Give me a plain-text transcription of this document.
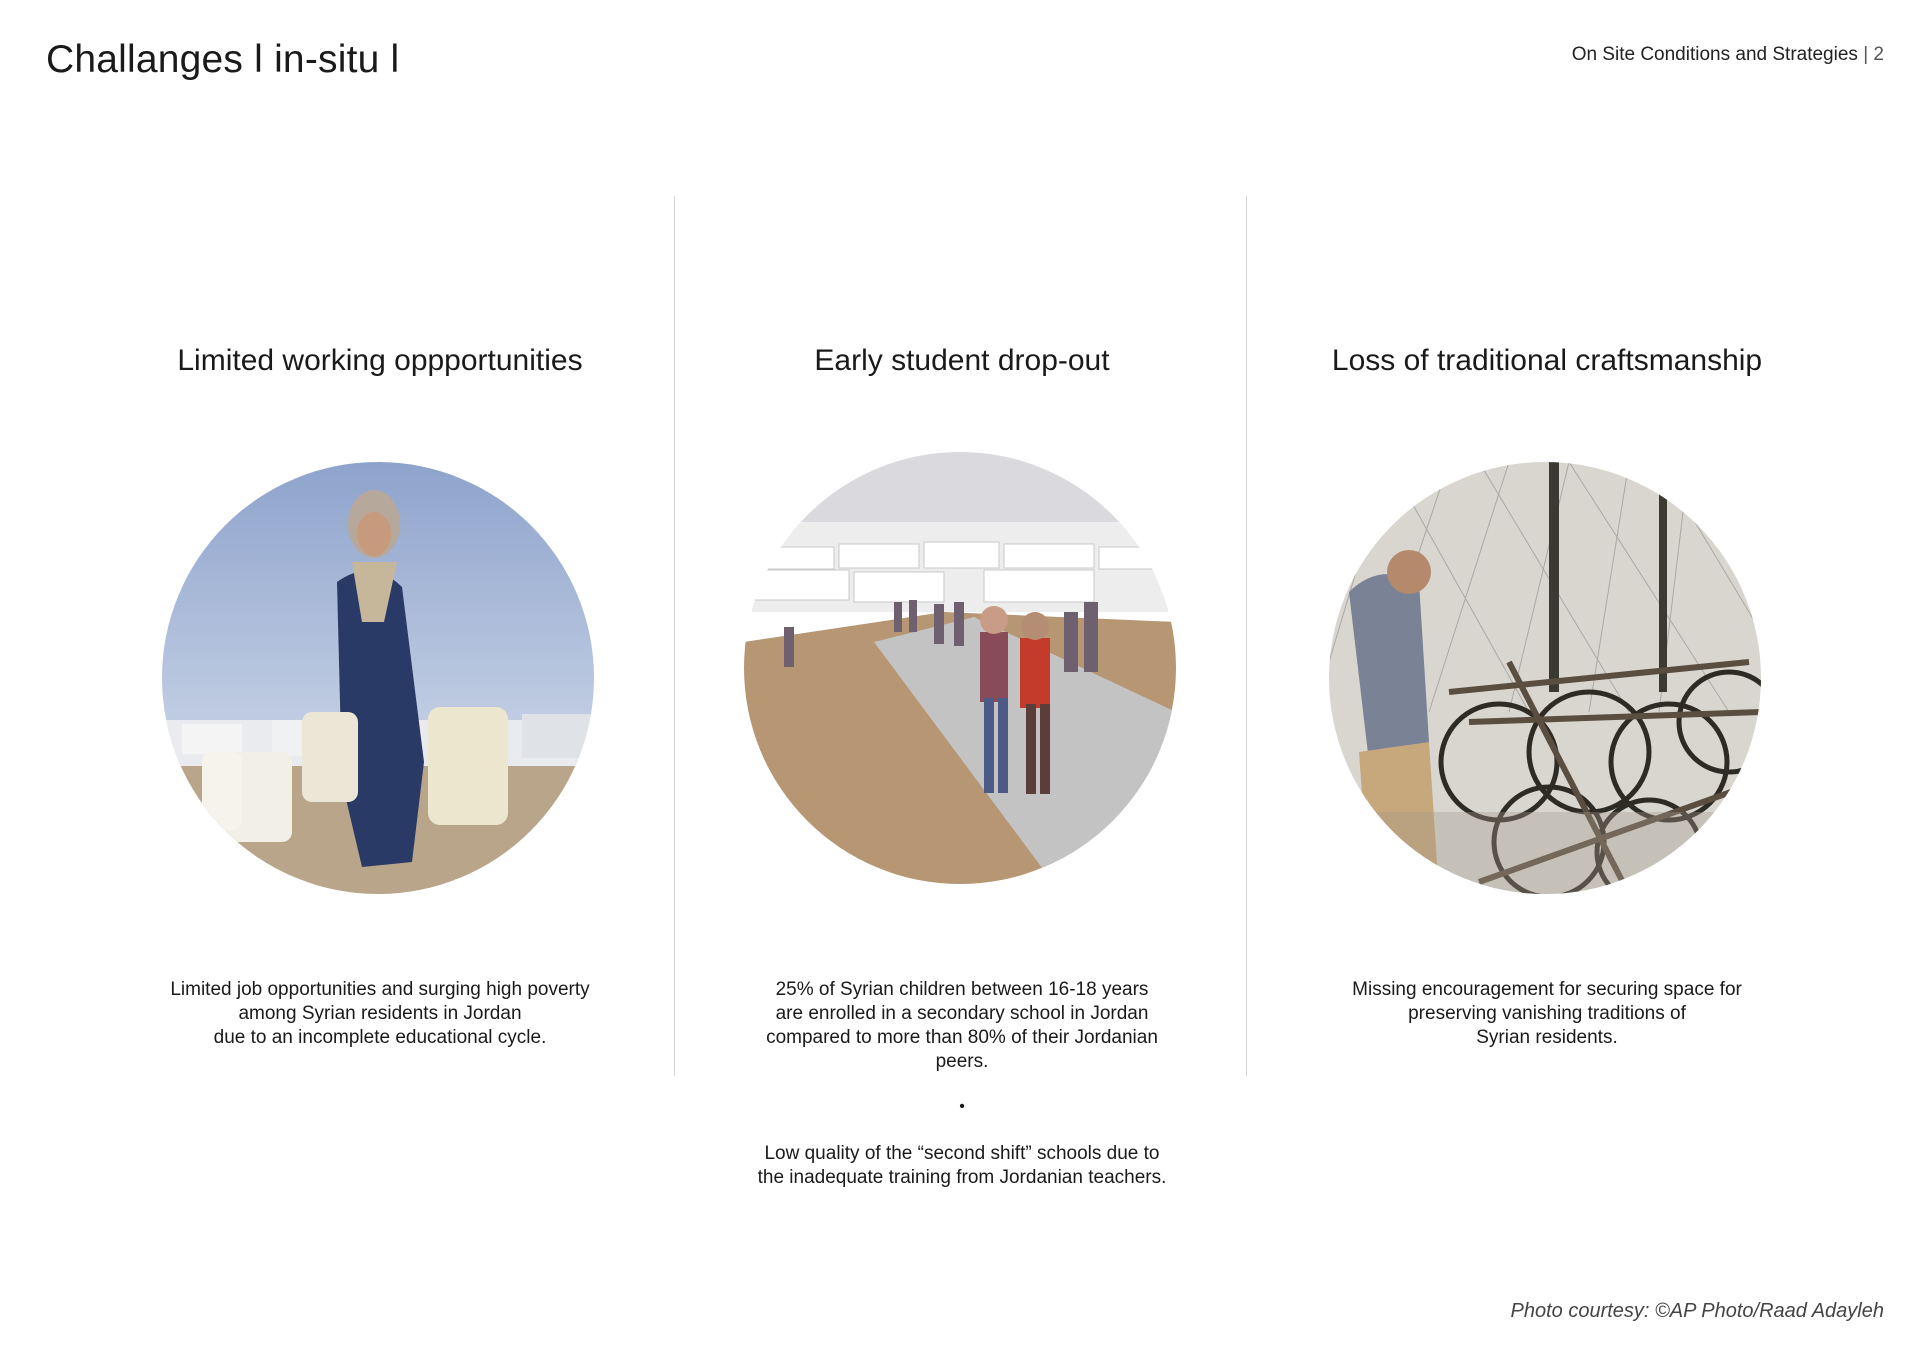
Challanges l in-situ l	On Site Conditions and Strategies | 2
Limited working oppportunities

Limited job opportunities and surging high poverty
among Syrian residents in Jordan
due to an incomplete educational cycle.

Early student drop-out

25% of Syrian children between 16-18 years
are enrolled in a secondary school in Jordan
compared to more than 80% of their Jordanian
peers.

•

Low quality of the “second shift” schools due to
the inadequate training from Jordanian teachers.

Loss of traditional craftsmanship

Missing encouragement for securing space for
preserving vanishing traditions of
Syrian residents.

Photo courtesy: ©AP Photo/Raad Adayleh
